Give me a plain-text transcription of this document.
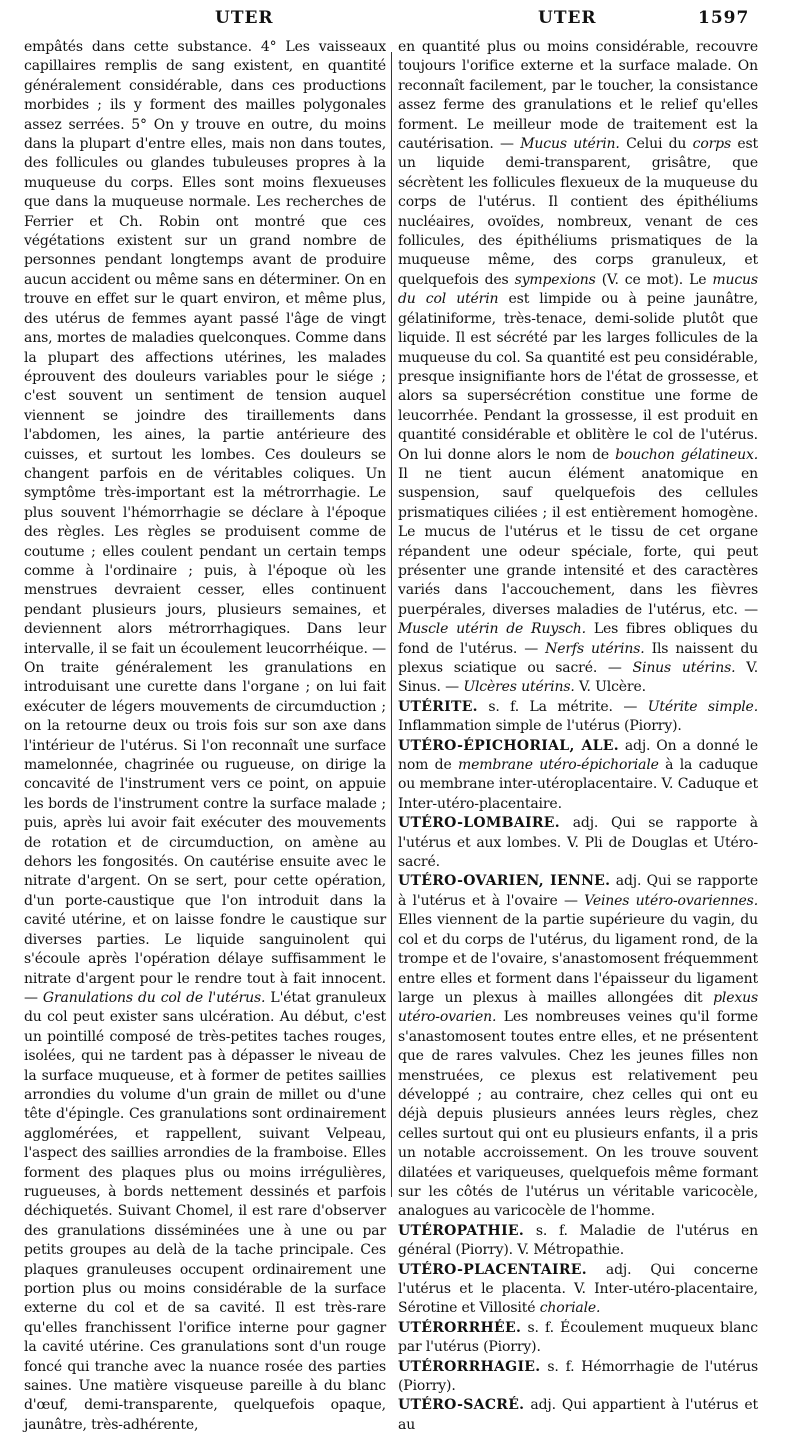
UTER	UTER	1597

empâtés dans cette substance. 4° Les vaisseaux capillaires remplis de sang existent, en quantité généralement considérable, dans ces productions morbides ; ils y forment des mailles polygonales assez serrées. 5° On y trouve en outre, du moins dans la plupart d'entre elles, mais non dans toutes, des follicules ou glandes tubuleuses propres à la muqueuse du corps. Elles sont moins flexueuses que dans la muqueuse normale. Les recherches de Ferrier et Ch. Robin ont montré que ces végétations existent sur un grand nombre de personnes pendant longtemps avant de produire aucun accident ou même sans en déterminer. On en trouve en effet sur le quart environ, et même plus, des utérus de femmes ayant passé l'âge de vingt ans, mortes de maladies quelconques. Comme dans la plupart des affections utérines, les malades éprouvent des douleurs variables pour le siége ; c'est souvent un sentiment de tension auquel viennent se joindre des tiraillements dans l'abdomen, les aines, la partie antérieure des cuisses, et surtout les lombes. Ces douleurs se changent parfois en de véritables coliques. Un symptôme très-important est la métrorrhagie. Le plus souvent l'hémorrhagie se déclare à l'époque des règles. Les règles se produisent comme de coutume ; elles coulent pendant un certain temps comme à l'ordinaire ; puis, à l'époque où les menstrues devraient cesser, elles continuent pendant plusieurs jours, plusieurs semaines, et deviennent alors métrorrhagiques. Dans leur intervalle, il se fait un écoulement leucorrhéique. — On traite généralement les granulations en introduisant une curette dans l'organe ; on lui fait exécuter de légers mouvements de circumduction ; on la retourne deux ou trois fois sur son axe dans l'intérieur de l'utérus. Si l'on reconnaît une surface mamelonnée, chagrinée ou rugueuse, on dirige la concavité de l'instrument vers ce point, on appuie les bords de l'instrument contre la surface malade ; puis, après lui avoir fait exécuter des mouvements de rotation et de circumduction, on amène au dehors les fongosités. On cautérise ensuite avec le nitrate d'argent. On se sert, pour cette opération, d'un porte-caustique que l'on introduit dans la cavité utérine, et on laisse fondre le caustique sur diverses parties. Le liquide sanguinolent qui s'écoule après l'opération délaye suffisamment le nitrate d'argent pour le rendre tout à fait innocent. — Granulations du col de l'utérus. L'état granuleux du col peut exister sans ulcération. Au début, c'est un pointillé composé de très-petites taches rouges, isolées, qui ne tardent pas à dépasser le niveau de la surface muqueuse, et à former de petites saillies arrondies du volume d'un grain de millet ou d'une tête d'épingle. Ces granulations sont ordinairement agglomérées, et rappellent, suivant Velpeau, l'aspect des saillies arrondies de la framboise. Elles forment des plaques plus ou moins irrégulières, rugueuses, à bords nettement dessinés et parfois déchiquetés. Suivant Chomel, il est rare d'observer des granulations disséminées une à une ou par petits groupes au delà de la tache principale. Ces plaques granuleuses occupent ordinairement une portion plus ou moins considérable de la surface externe du col et de sa cavité. Il est très-rare qu'elles franchissent l'orifice interne pour gagner la cavité utérine. Ces granulations sont d'un rouge foncé qui tranche avec la nuance rosée des parties saines. Une matière visqueuse pareille à du blanc d'œuf, demi-transparente, quelquefois opaque, jaunâtre, très-adhérente,

en quantité plus ou moins considérable, recouvre toujours l'orifice externe et la surface malade. On reconnaît facilement, par le toucher, la consistance assez ferme des granulations et le relief qu'elles forment. Le meilleur mode de traitement est la cautérisation. — Mucus utérin. Celui du corps est un liquide demi-transparent, grisâtre, que sécrètent les follicules flexueux de la muqueuse du corps de l'utérus. Il contient des épithéliums nucléaires, ovoïdes, nombreux, venant de ces follicules, des épithéliums prismatiques de la muqueuse même, des corps granuleux, et quelquefois des sympexions (V. ce mot). Le mucus du col utérin est limpide ou à peine jaunâtre, gélatiniforme, très-tenace, demi-solide plutôt que liquide. Il est sécrété par les larges follicules de la muqueuse du col. Sa quantité est peu considérable, presque insignifiante hors de l'état de grossesse, et alors sa supersécrétion constitue une forme de leucorrhée. Pendant la grossesse, il est produit en quantité considérable et oblitère le col de l'utérus. On lui donne alors le nom de bouchon gélatineux. Il ne tient aucun élément anatomique en suspension, sauf quelquefois des cellules prismatiques ciliées ; il est entièrement homogène. Le mucus de l'utérus et le tissu de cet organe répandent une odeur spéciale, forte, qui peut présenter une grande intensité et des caractères variés dans l'accouchement, dans les fièvres puerpérales, diverses maladies de l'utérus, etc. — Muscle utérin de Ruysch. Les fibres obliques du fond de l'utérus. — Nerfs utérins. Ils naissent du plexus sciatique ou sacré. — Sinus utérins. V. Sinus. — Ulcères utérins. V. Ulcère.

UTÉRITE. s. f. La métrite. — Utérite simple. Inflammation simple de l'utérus (Piorry).

UTÉRO-ÉPICHORIAL, ALE. adj. On a donné le nom de membrane utéro-épichoriale à la caduque ou membrane inter-utéroplacentaire. V. Caduque et Inter-utéro-placentaire.

UTÉRO-LOMBAIRE. adj. Qui se rapporte à l'utérus et aux lombes. V. Pli de Douglas et Utéro-sacré.

UTÉRO-OVARIEN, IENNE. adj. Qui se rapporte à l'utérus et à l'ovaire — Veines utéro-ovariennes. Elles viennent de la partie supérieure du vagin, du col et du corps de l'utérus, du ligament rond, de la trompe et de l'ovaire, s'anastomosent fréquemment entre elles et forment dans l'épaisseur du ligament large un plexus à mailles allongées dit plexus utéro-ovarien. Les nombreuses veines qu'il forme s'anastomosent toutes entre elles, et ne présentent que de rares valvules. Chez les jeunes filles non menstruées, ce plexus est relativement peu développé ; au contraire, chez celles qui ont eu déjà depuis plusieurs années leurs règles, chez celles surtout qui ont eu plusieurs enfants, il a pris un notable accroissement. On les trouve souvent dilatées et variqueuses, quelquefois même formant sur les côtés de l'utérus un véritable varicocèle, analogues au varicocèle de l'homme.

UTÉROPATHIE. s. f. Maladie de l'utérus en général (Piorry). V. Métropathie.

UTÉRO-PLACENTAIRE. adj. Qui concerne l'utérus et le placenta. V. Inter-utéro-placentaire, Sérotine et Villosité choriale.

UTÉRORRHÉE. s. f. Écoulement muqueux blanc par l'utérus (Piorry).

UTÉRORRHAGIE. s. f. Hémorrhagie de l'utérus (Piorry).

UTÉRO-SACRÉ. adj. Qui appartient à l'utérus et au
